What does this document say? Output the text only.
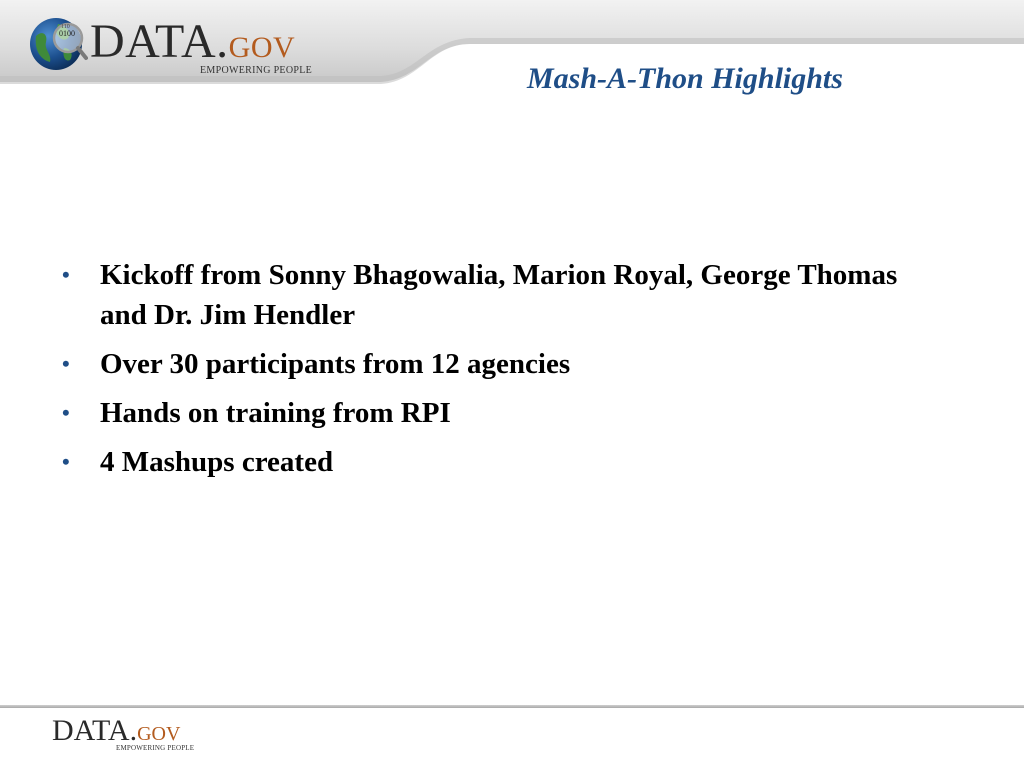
0100
110 DATA.GOV
EMPOWERING PEOPLE	Mash-A-Thon Highlights
• Kickoff from Sonny Bhagowalia, Marion Royal, George Thomas and Dr. Jim Hendler
• Over 30 participants from 12 agencies
• Hands on training from RPI
• 4 Mashups created
DATA.GOV
EMPOWERING PEOPLE
